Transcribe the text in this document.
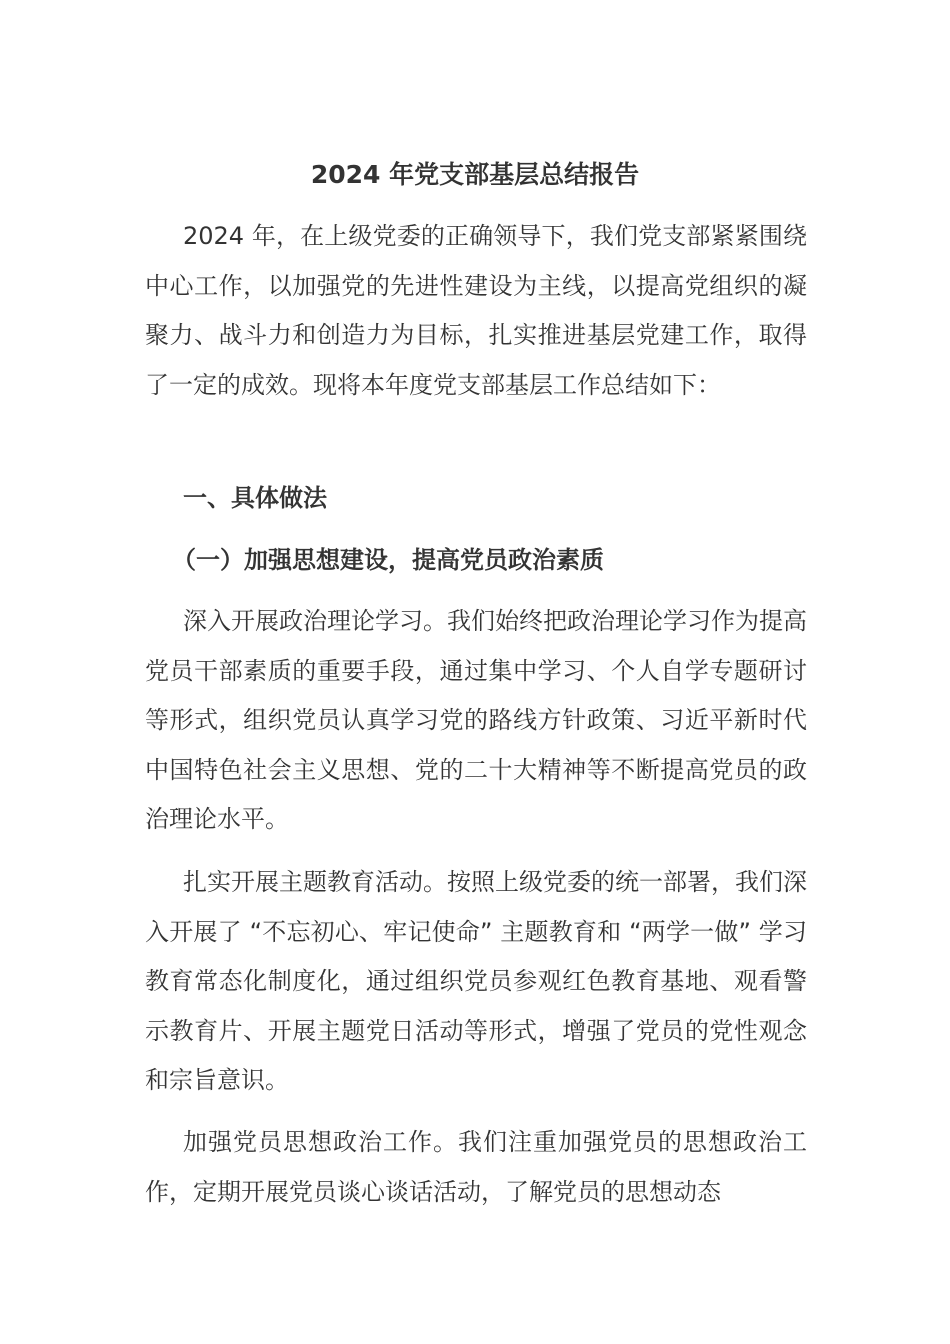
2024 年党支部基层总结报告

2024 年，在上级党委的正确领导下，我们党支部紧紧围绕中心工作，以加强党的先进性建设为主线，以提高党组织的凝聚力、战斗力和创造力为目标，扎实推进基层党建工作，取得了一定的成效。现将本年度党支部基层工作总结如下：

一、具体做法
（一）加强思想建设，提高党员政治素质

深入开展政治理论学习。我们始终把政治理论学习作为提高党员干部素质的重要手段，通过集中学习、个人自学专题研讨等形式，组织党员认真学习党的路线方针政策、习近平新时代中国特色社会主义思想、党的二十大精神等不断提高党员的政治理论水平。

扎实开展主题教育活动。按照上级党委的统一部署，我们深入开展了 “不忘初心、牢记使命” 主题教育和 “两学一做” 学习教育常态化制度化，通过组织党员参观红色教育基地、观看警示教育片、开展主题党日活动等形式，增强了党员的党性观念和宗旨意识。

加强党员思想政治工作。我们注重加强党员的思想政治工作，定期开展党员谈心谈话活动，了解党员的思想动态
